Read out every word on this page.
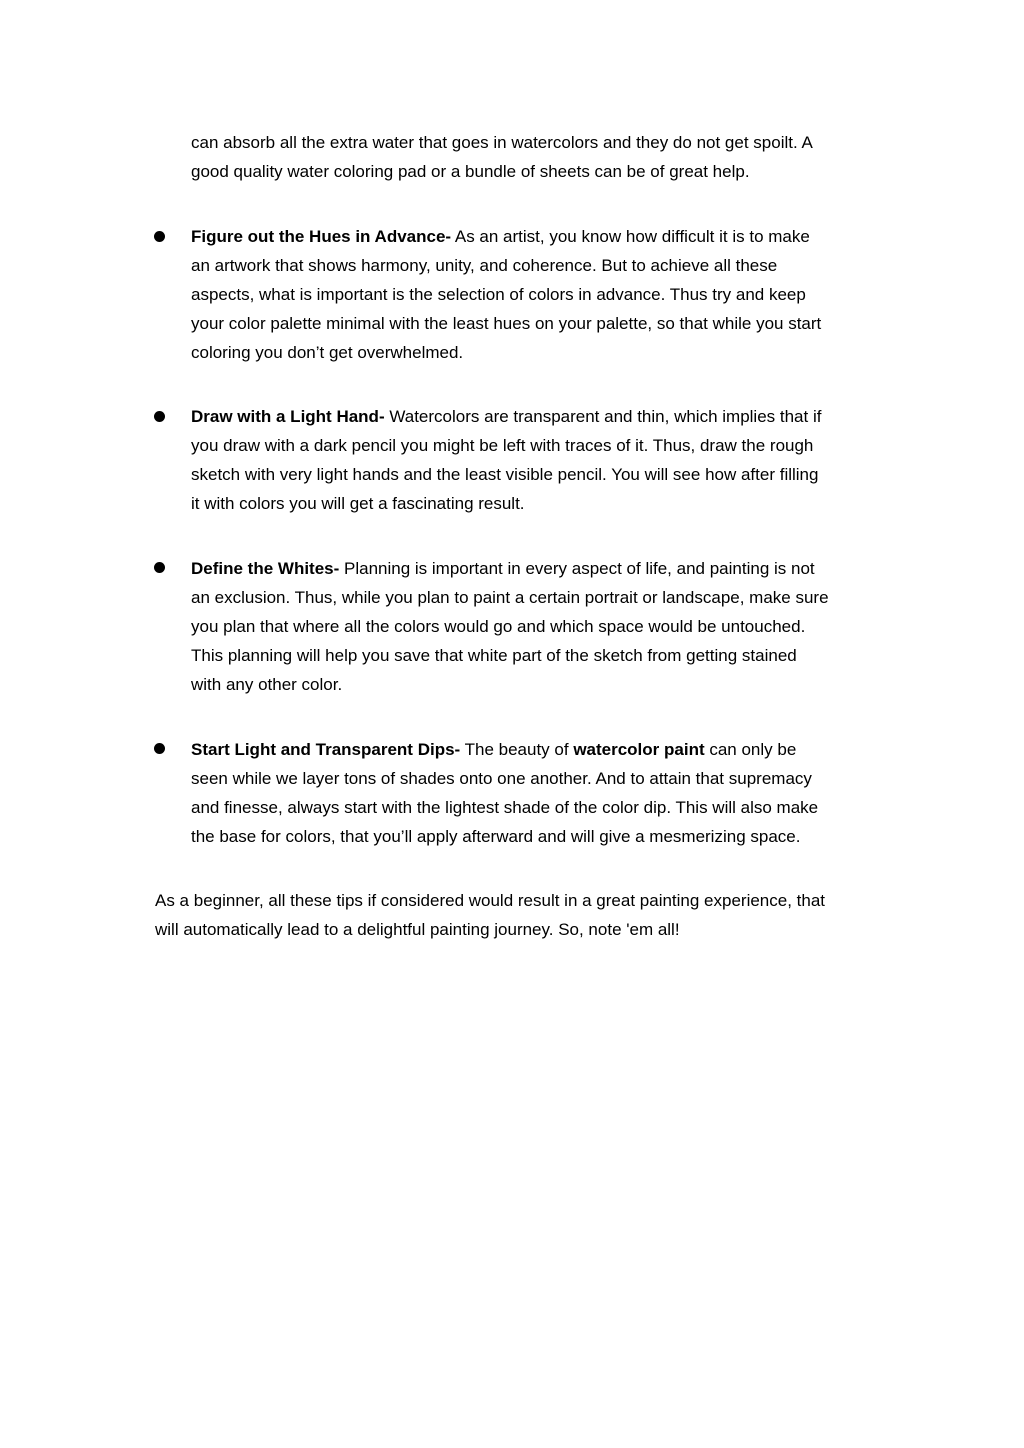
can absorb all the extra water that goes in watercolors and they do not get spoilt. A
good quality water coloring pad or a bundle of sheets can be of great help.
Figure out the Hues in Advance- As an artist, you know how difficult it is to make
an artwork that shows harmony, unity, and coherence. But to achieve all these
aspects, what is important is the selection of colors in advance. Thus try and keep
your color palette minimal with the least hues on your palette, so that while you start
coloring you don’t get overwhelmed.
Draw with a Light Hand- Watercolors are transparent and thin, which implies that if
you draw with a dark pencil you might be left with traces of it. Thus, draw the rough
sketch with very light hands and the least visible pencil. You will see how after filling
it with colors you will get a fascinating result.
Define the Whites- Planning is important in every aspect of life, and painting is not
an exclusion. Thus, while you plan to paint a certain portrait or landscape, make sure
you plan that where all the colors would go and which space would be untouched.
This planning will help you save that white part of the sketch from getting stained
with any other color.
Start Light and Transparent Dips- The beauty of watercolor paint can only be
seen while we layer tons of shades onto one another. And to attain that supremacy
and finesse, always start with the lightest shade of the color dip. This will also make
the base for colors, that you’ll apply afterward and will give a mesmerizing space.
As a beginner, all these tips if considered would result in a great painting experience, that
will automatically lead to a delightful painting journey. So, note 'em all!
